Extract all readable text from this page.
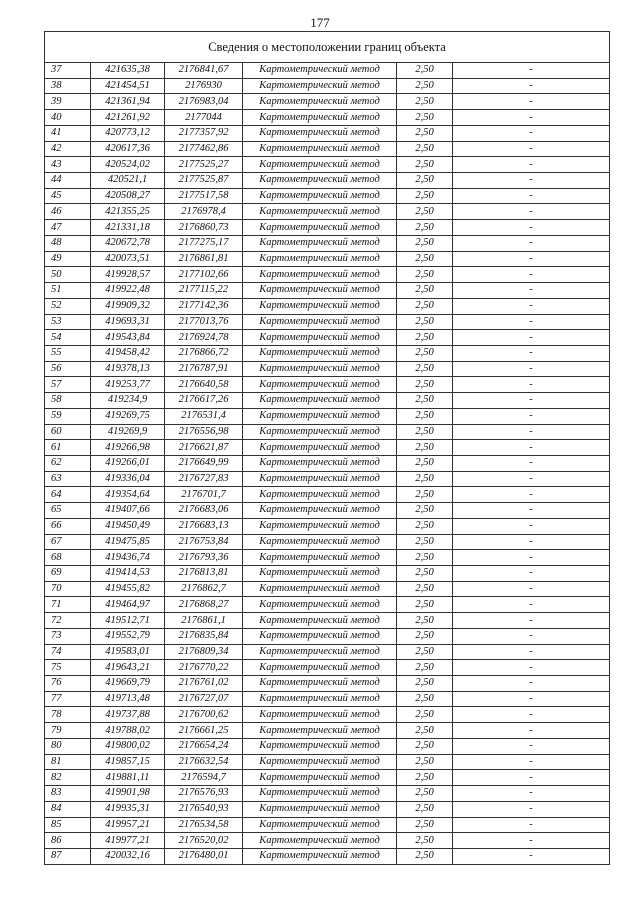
177
Сведения о местоположении границ объекта					
37	421635,38	2176841,67	Картометрический метод	2,50	-
38	421454,51	2176930	Картометрический метод	2,50	-
39	421361,94	2176983,04	Картометрический метод	2,50	-
40	421261,92	2177044	Картометрический метод	2,50	-
41	420773,12	2177357,92	Картометрический метод	2,50	-
42	420617,36	2177462,86	Картометрический метод	2,50	-
43	420524,02	2177525,27	Картометрический метод	2,50	-
44	420521,1	2177525,87	Картометрический метод	2,50	-
45	420508,27	2177517,58	Картометрический метод	2,50	-
46	421355,25	2176978,4	Картометрический метод	2,50	-
47	421331,18	2176860,73	Картометрический метод	2,50	-
48	420672,78	2177275,17	Картометрический метод	2,50	-
49	420073,51	2176861,81	Картометрический метод	2,50	-
50	419928,57	2177102,66	Картометрический метод	2,50	-
51	419922,48	2177115,22	Картометрический метод	2,50	-
52	419909,32	2177142,36	Картометрический метод	2,50	-
53	419693,31	2177013,76	Картометрический метод	2,50	-
54	419543,84	2176924,78	Картометрический метод	2,50	-
55	419458,42	2176866,72	Картометрический метод	2,50	-
56	419378,13	2176787,91	Картометрический метод	2,50	-
57	419253,77	2176640,58	Картометрический метод	2,50	-
58	419234,9	2176617,26	Картометрический метод	2,50	-
59	419269,75	2176531,4	Картометрический метод	2,50	-
60	419269,9	2176556,98	Картометрический метод	2,50	-
61	419266,98	2176621,87	Картометрический метод	2,50	-
62	419266,01	2176649,99	Картометрический метод	2,50	-
63	419336,04	2176727,83	Картометрический метод	2,50	-
64	419354,64	2176701,7	Картометрический метод	2,50	-
65	419407,66	2176683,06	Картометрический метод	2,50	-
66	419450,49	2176683,13	Картометрический метод	2,50	-
67	419475,85	2176753,84	Картометрический метод	2,50	-
68	419436,74	2176793,36	Картометрический метод	2,50	-
69	419414,53	2176813,81	Картометрический метод	2,50	-
70	419455,82	2176862,7	Картометрический метод	2,50	-
71	419464,97	2176868,27	Картометрический метод	2,50	-
72	419512,71	2176861,1	Картометрический метод	2,50	-
73	419552,79	2176835,84	Картометрический метод	2,50	-
74	419583,01	2176809,34	Картометрический метод	2,50	-
75	419643,21	2176770,22	Картометрический метод	2,50	-
76	419669,79	2176761,02	Картометрический метод	2,50	-
77	419713,48	2176727,07	Картометрический метод	2,50	-
78	419737,88	2176700,62	Картометрический метод	2,50	-
79	419788,02	2176661,25	Картометрический метод	2,50	-
80	419800,02	2176654,24	Картометрический метод	2,50	-
81	419857,15	2176632,54	Картометрический метод	2,50	-
82	419881,11	2176594,7	Картометрический метод	2,50	-
83	419901,98	2176576,93	Картометрический метод	2,50	-
84	419935,31	2176540,93	Картометрический метод	2,50	-
85	419957,21	2176534,58	Картометрический метод	2,50	-
86	419977,21	2176520,02	Картометрический метод	2,50	-
87	420032,16	2176480,01	Картометрический метод	2,50	-
